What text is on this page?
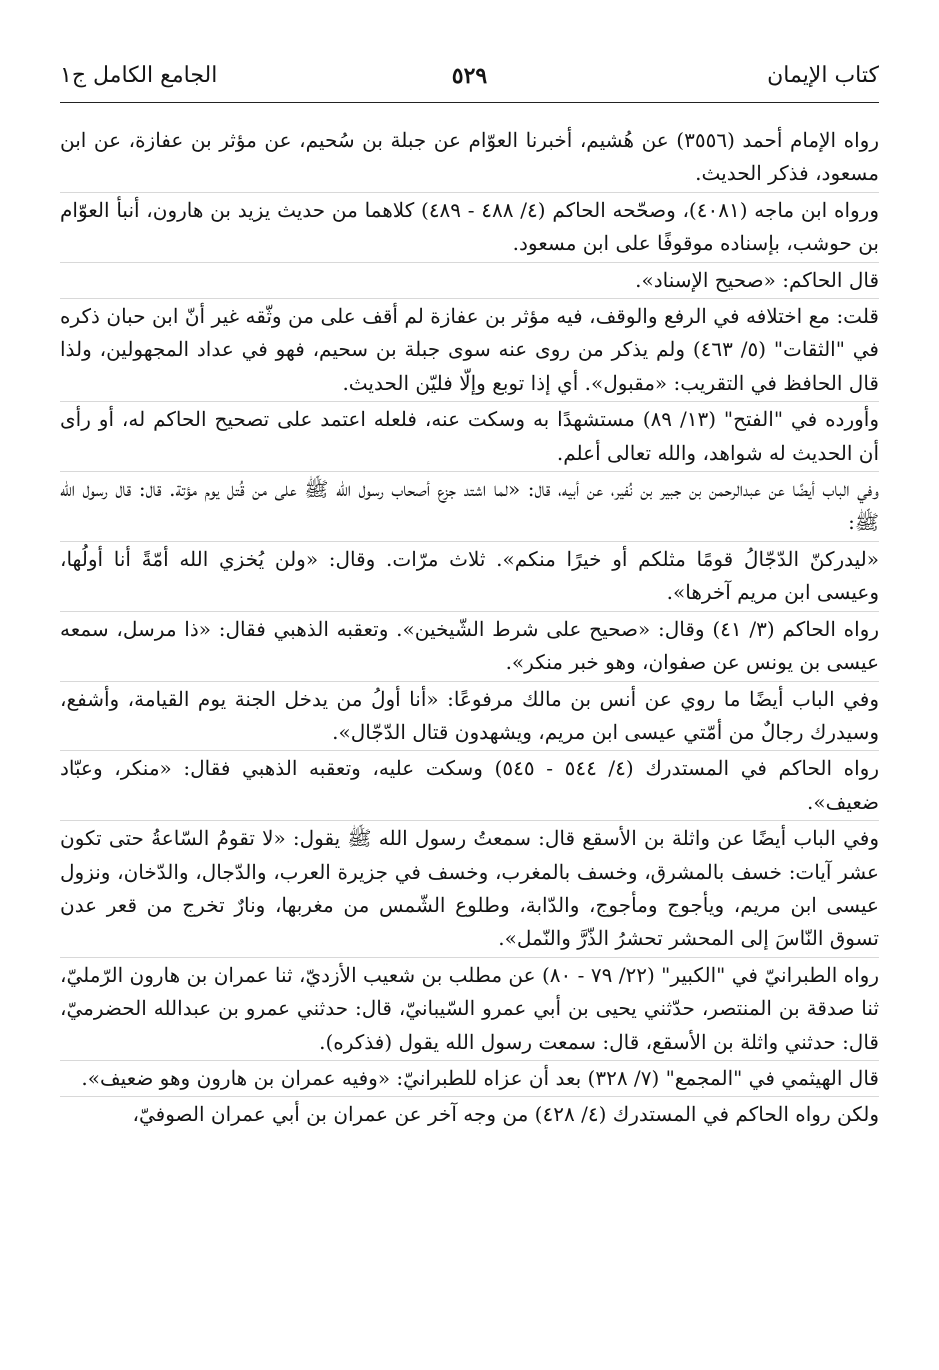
كتاب الإيمان
٥٢٩
الجامع الكامل ج١

رواه الإمام أحمد (٣٥٥٦) عن هُشيم، أخبرنا العوّام عن جبلة بن سُحيم، عن مؤثر بن عفازة، عن ابن مسعود، فذكر الحديث.

ورواه ابن ماجه (٤٠٨١)، وصحّحه الحاكم (٤/ ٤٨٨ - ٤٨٩) كلاهما من حديث يزيد بن هارون، أنبأ العوّام بن حوشب، بإسناده موقوفًا على ابن مسعود.

قال الحاكم: «صحيح الإسناد».

قلت: مع اختلافه في الرفع والوقف، فيه مؤثر بن عفازة لم أقف على من وثّقه غير أنّ ابن حبان ذكره في "الثقات" (٥/ ٤٦٣) ولم يذكر من روى عنه سوى جبلة بن سحيم، فهو في عداد المجهولين، ولذا قال الحافظ في التقريب: «مقبول». أي إذا توبع وإلّا فليّن الحديث.

وأورده في "الفتح" (١٣/ ٨٩) مستشهدًا به وسكت عنه، فلعله اعتمد على تصحيح الحاكم له، أو رأى أن الحديث له شواهد، والله تعالى أعلم.

وفي الباب أيضًا عن عبدالرحمن بن جبير بن نُفير، عن أبيه، قال: «لما اشتد جزع أصحاب رسول الله ﷺ على من قُتل يوم مؤتة. قال: قال رسول الله ﷺ:

«ليدركنّ الدّجّالُ قومًا مثلكم أو خيرًا منكم». ثلاث مرّات. وقال: «ولن يُخزي الله أمّةً أنا أولُها، وعيسى ابن مريم آخرها».

رواه الحاكم (٣/ ٤١) وقال: «صحيح على شرط الشّيخين». وتعقبه الذهبي فقال: «ذا مرسل، سمعه عيسى بن يونس عن صفوان، وهو خبر منكر».

وفي الباب أيضًا ما روي عن أنس بن مالك مرفوعًا: «أنا أولُ من يدخل الجنة يوم القيامة، وأشفع، وسيدرك رجالٌ من أمّتي عيسى ابن مريم، ويشهدون قتال الدّجّال».

رواه الحاكم في المستدرك (٤/ ٥٤٤ - ٥٤٥) وسكت عليه، وتعقبه الذهبي فقال: «منكر، وعبّاد ضعيف».

وفي الباب أيضًا عن واثلة بن الأسقع قال: سمعتُ رسول الله ﷺ يقول: «لا تقومُ السّاعةُ حتى تكون عشر آيات: خسف بالمشرق، وخسف بالمغرب، وخسف في جزيرة العرب، والدّجال، والدّخان، ونزول عيسى ابن مريم، ويأجوج ومأجوج، والدّابة، وطلوع الشّمس من مغربها، ونارٌ تخرج من قعر عدن تسوق النّاسَ إلى المحشر تحشرُ الذّرَّ والنّمل».

رواه الطبرانيّ في "الكبير" (٢٢/ ٧٩ - ٨٠) عن مطلب بن شعيب الأزديّ، ثنا عمران بن هارون الرّمليّ، ثنا صدقة بن المنتصر، حدّثني يحيى بن أبي عمرو السّيبانيّ، قال: حدثني عمرو بن عبدالله الحضرميّ، قال: حدثني واثلة بن الأسقع، قال: سمعت رسول الله يقول (فذكره).

قال الهيثمي في "المجمع" (٧/ ٣٢٨) بعد أن عزاه للطبرانيّ: «وفيه عمران بن هارون وهو ضعيف».

ولكن رواه الحاكم في المستدرك (٤/ ٤٢٨) من وجه آخر عن عمران بن أبي عمران الصوفيّ،
